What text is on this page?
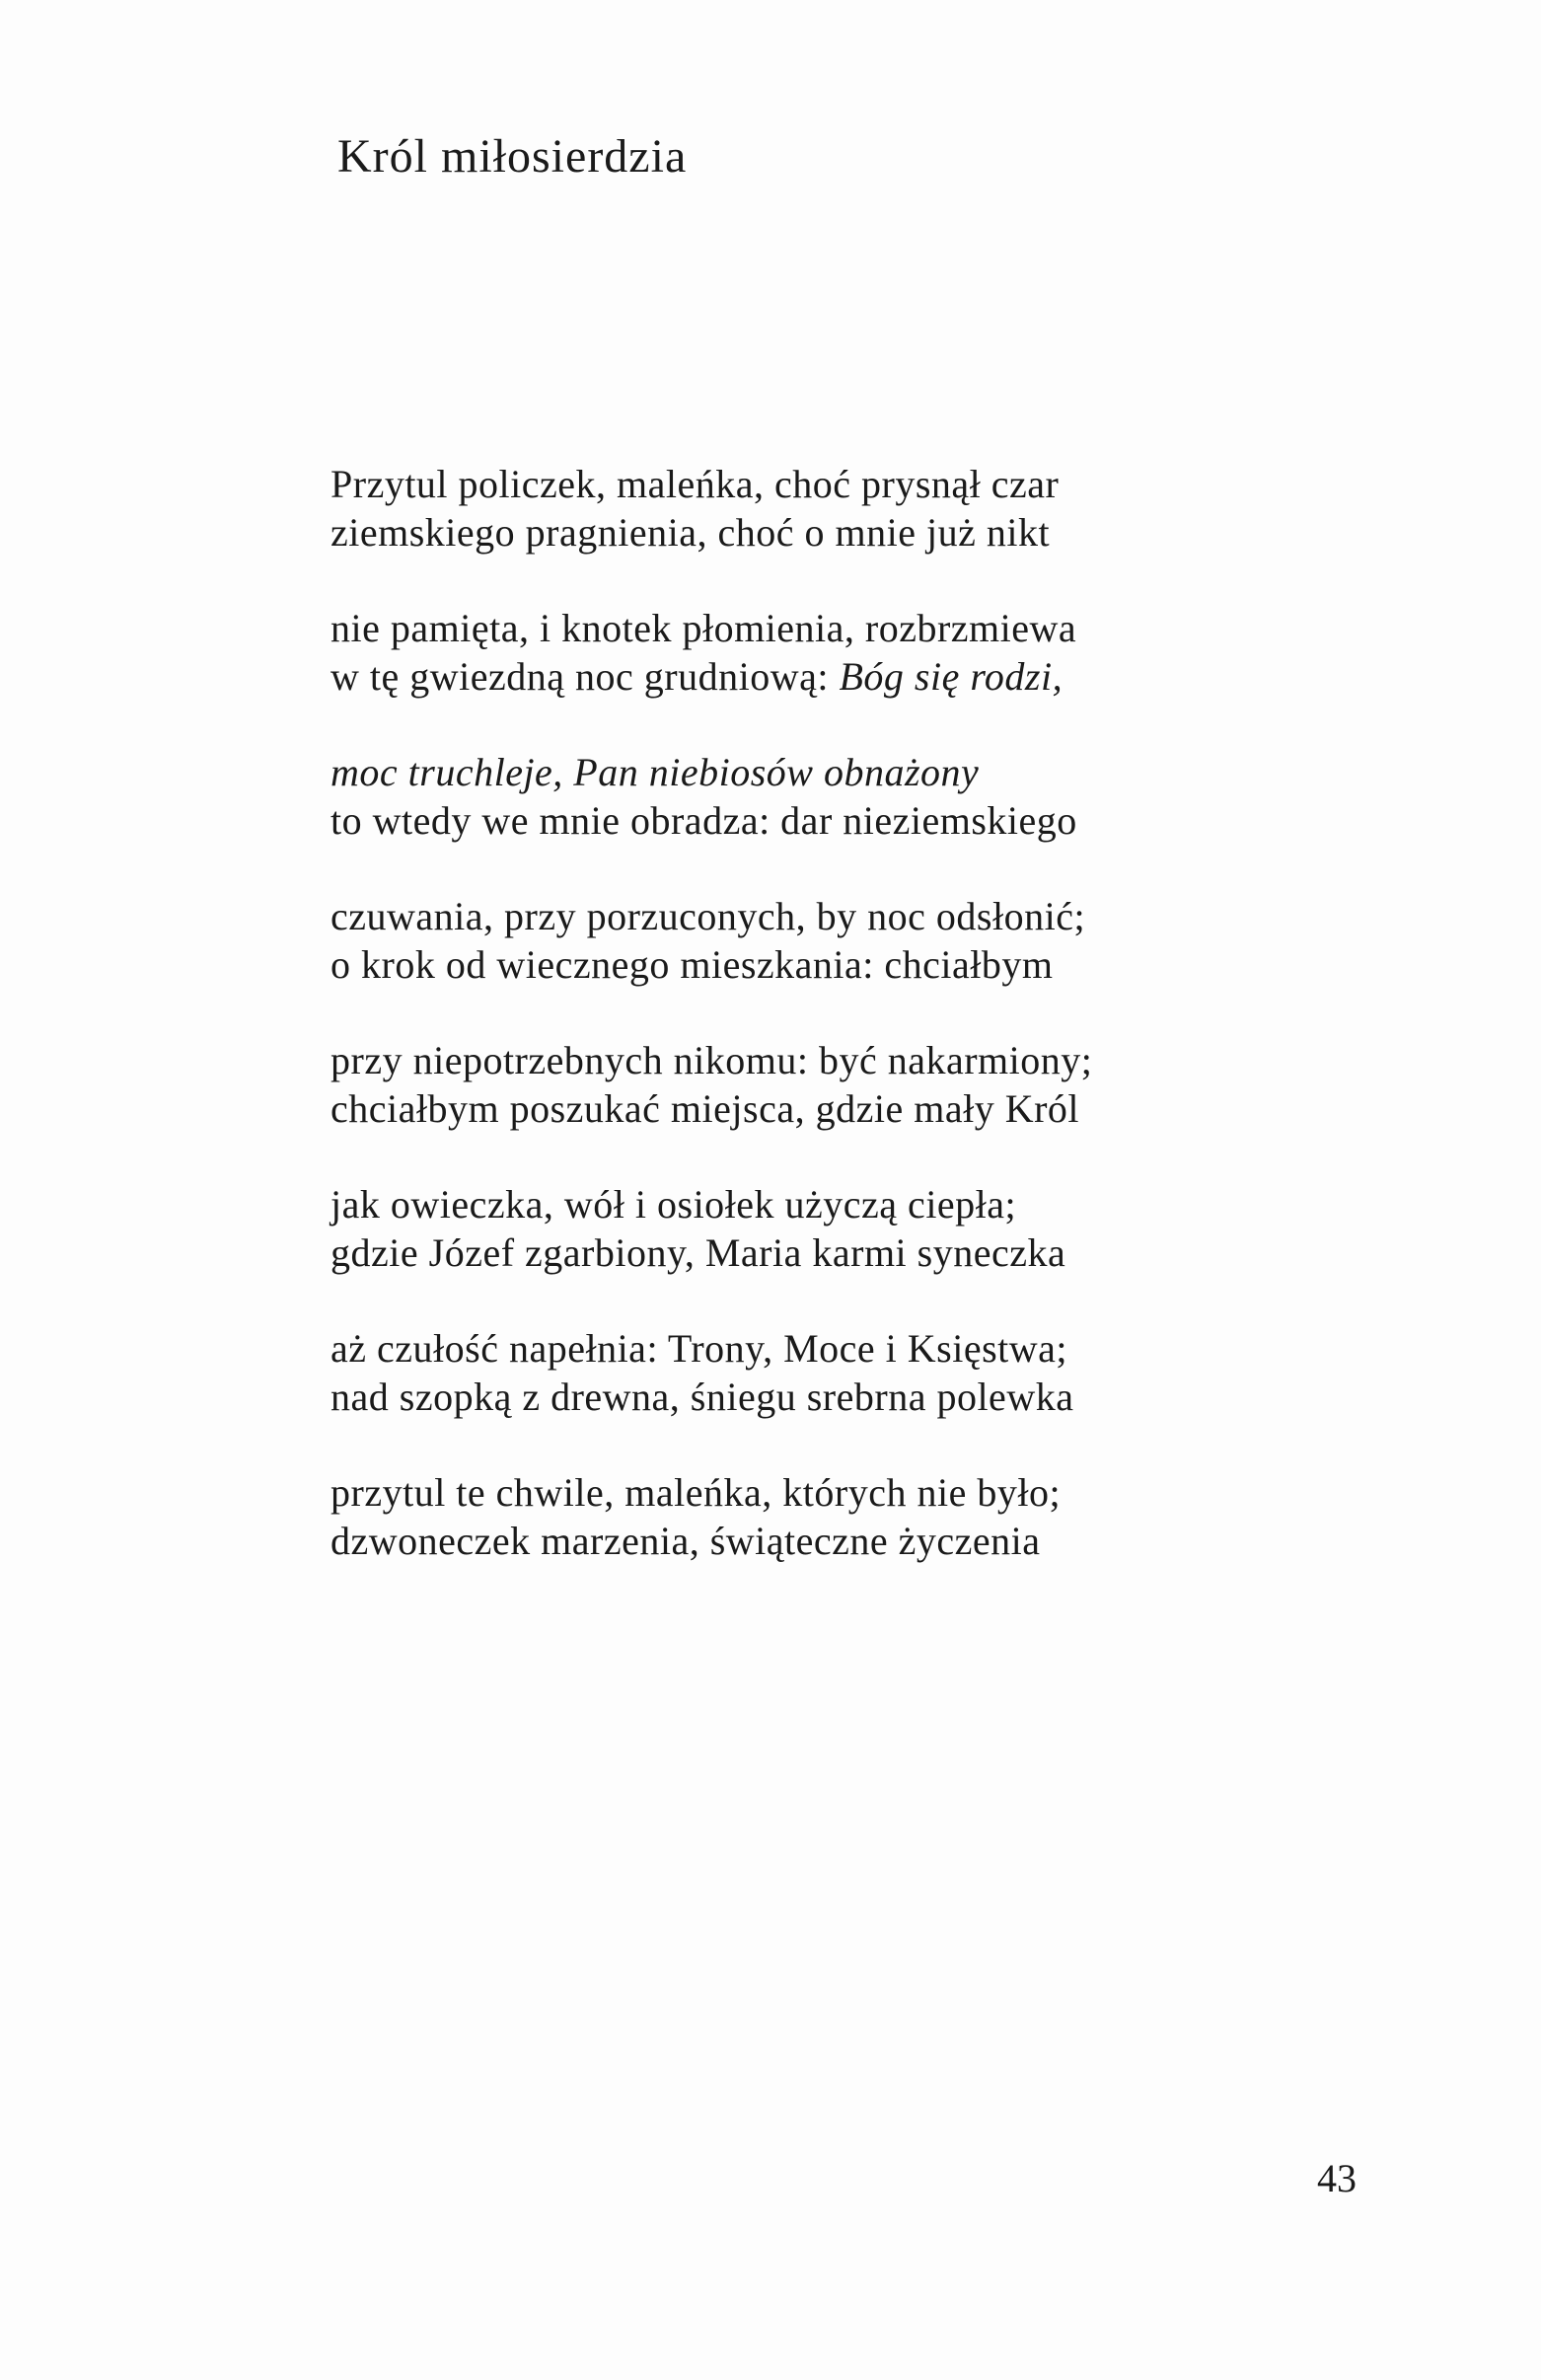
Król miłosierdzia
Przytul policzek, maleńka, choć prysnął czar
ziemskiego pragnienia, choć o mnie już nikt
nie pamięta, i knotek płomienia, rozbrzmiewa
w tę gwiezdną noc grudniową: Bóg się rodzi,
moc truchleje, Pan niebiosów obnażony
to wtedy we mnie obradza: dar nieziemskiego
czuwania, przy porzuconych, by noc odsłonić;
o krok od wiecznego mieszkania: chciałbym
przy niepotrzebnych nikomu: być nakarmiony;
chciałbym poszukać miejsca, gdzie mały Król
jak owieczka, wół i osiołek użyczą ciepła;
gdzie Józef zgarbiony, Maria karmi syneczka
aż czułość napełnia: Trony, Moce i Księstwa;
nad szopką z drewna, śniegu srebrna polewka
przytul te chwile, maleńka, których nie było;
dzwoneczek marzenia, świąteczne życzenia
43
